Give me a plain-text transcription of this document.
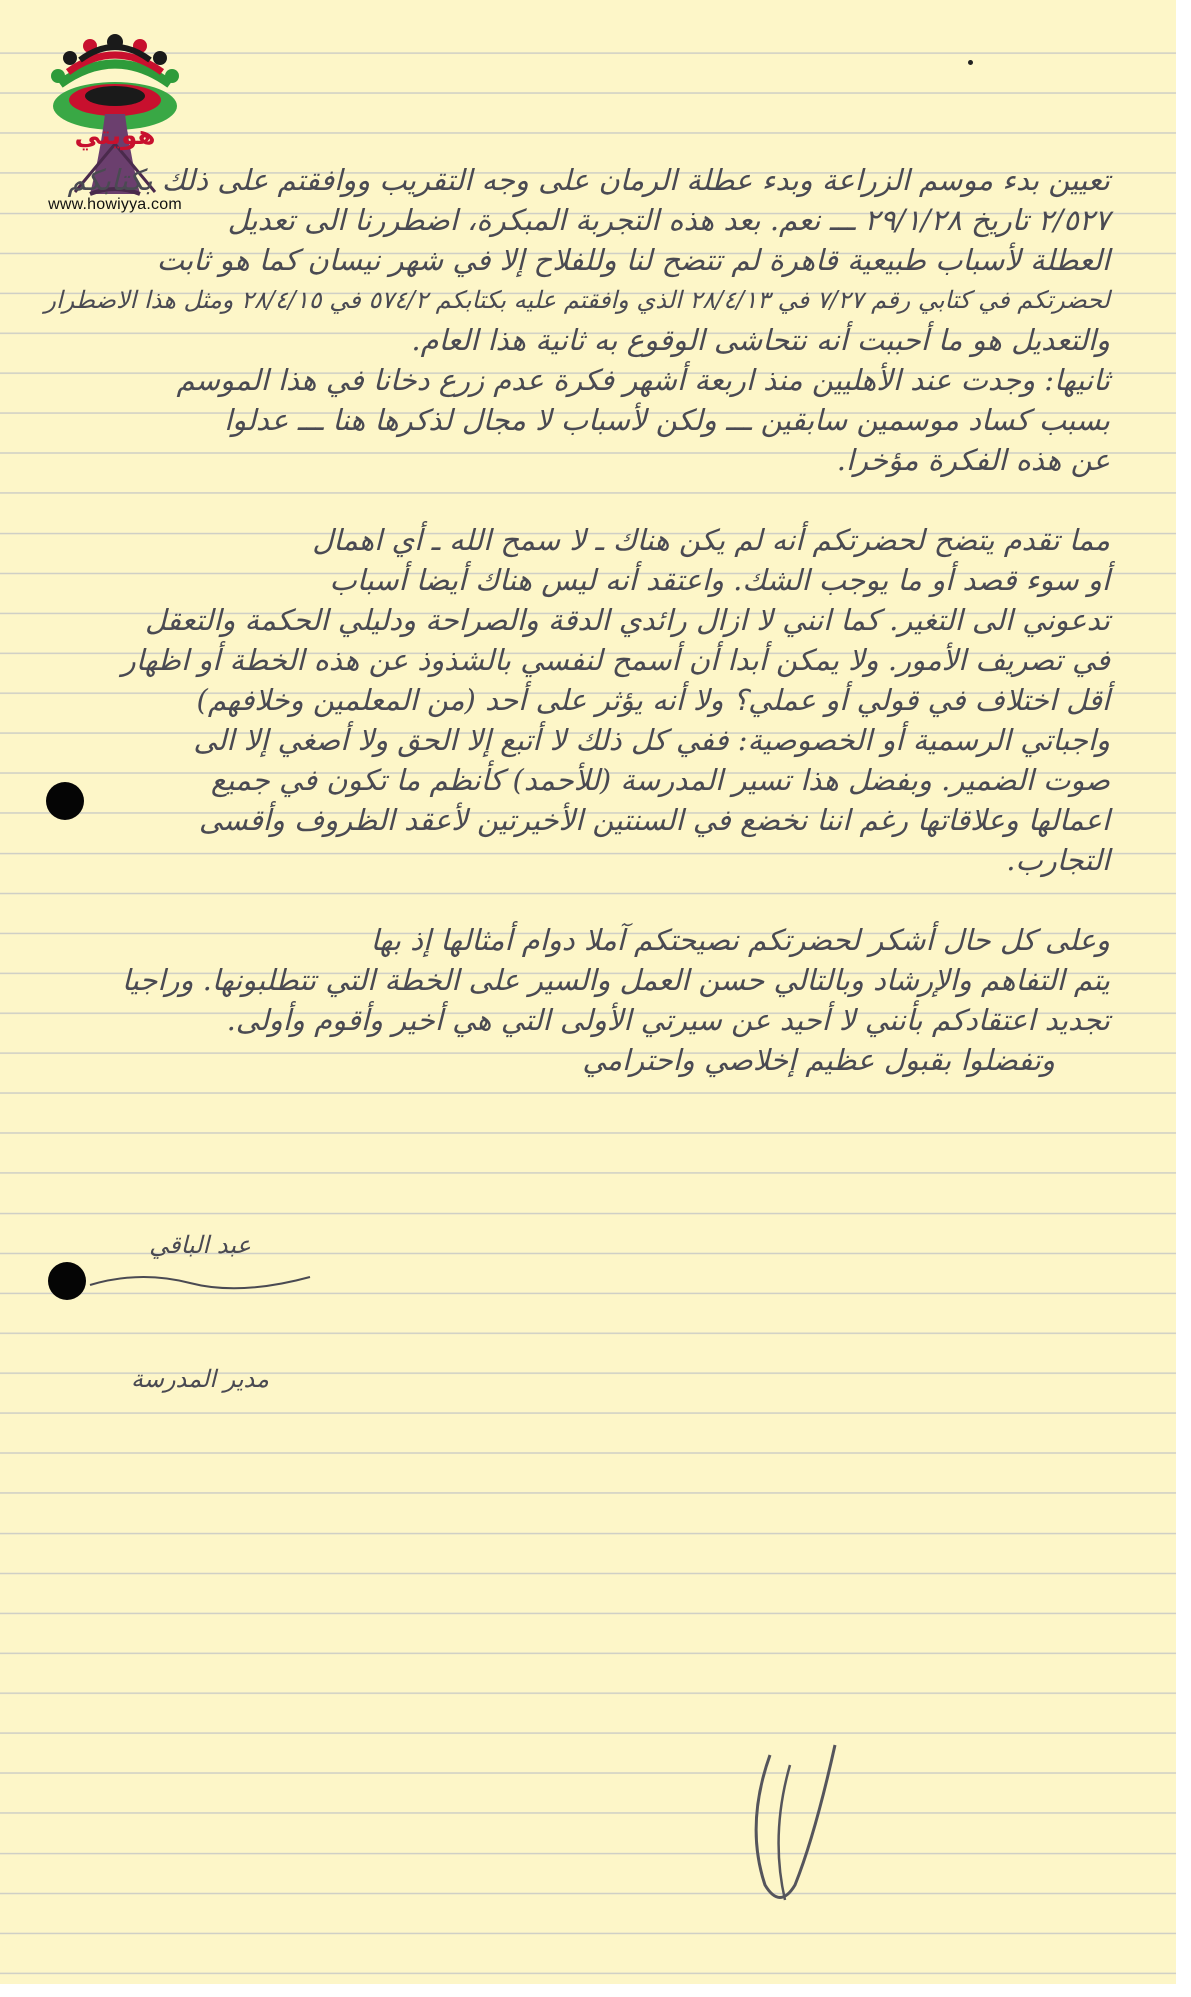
هويتي
www.howiyya.com
تعيين بدء موسم الزراعة وبدء عطلة الرمان على وجه التقريب ووافقتم على ذلك بكتابكم
٢/٥٢٧ تاريخ ٢٩/١/٢٨ ـــ نعم. بعد هذه التجربة المبكرة، اضطررنا الى تعديل
العطلة لأسباب طبيعية قاهرة لم تتضح لنا وللفلاح إلا في شهر نيسان كما هو ثابت
لحضرتكم في كتابي رقم ٧/٢٧ في ٢٨/٤/١٣ الذي وافقتم عليه بكتابكم ٥٧٤/٢ في ٢٨/٤/١٥ ومثل هذا الاضطرار
والتعديل هو ما أحببت أنه نتحاشى الوقوع به ثانية هذا العام.
ثانيها: وجدت عند الأهليين منذ اربعة أشهر فكرة عدم زرع دخانا في هذا الموسم
بسبب كساد موسمين سابقين ـــ ولكن لأسباب لا مجال لذكرها هنا ـــ عدلوا
عن هذه الفكرة مؤخرا.
مما تقدم يتضح لحضرتكم أنه لم يكن هناك ـ لا سمح الله ـ أي اهمال
أو سوء قصد أو ما يوجب الشك. واعتقد أنه ليس هناك أيضا أسباب
تدعوني الى التغير. كما انني لا ازال رائدي الدقة والصراحة ودليلي الحكمة والتعقل
في تصريف الأمور. ولا يمكن أبدا أن أسمح لنفسي بالشذوذ عن هذه الخطة أو اظهار
أقل اختلاف في قولي أو عملي؟ ولا أنه يؤثر على أحد (من المعلمين وخلافهم)
واجباتي الرسمية أو الخصوصية: ففي كل ذلك لا أتبع إلا الحق ولا أصغي إلا الى
صوت الضمير. وبفضل هذا تسير المدرسة (للأحمد) كأنظم ما تكون في جميع
اعمالها وعلاقاتها رغم اننا نخضع في السنتين الأخيرتين لأعقد الظروف وأقسى
التجارب.
وعلى كل حال أشكر لحضرتكم نصيحتكم آملا دوام أمثالها إذ بها
يتم التفاهم والإرشاد وبالتالي حسن العمل والسير على الخطة التي تتطلبونها. وراجيا
تجديد اعتقادكم بأنني لا أحيد عن سيرتي الأولى التي هي أخير وأقوم وأولى.
وتفضلوا بقبول عظيم إخلاصي واحترامي
عبد الباقي
مدير المدرسة
